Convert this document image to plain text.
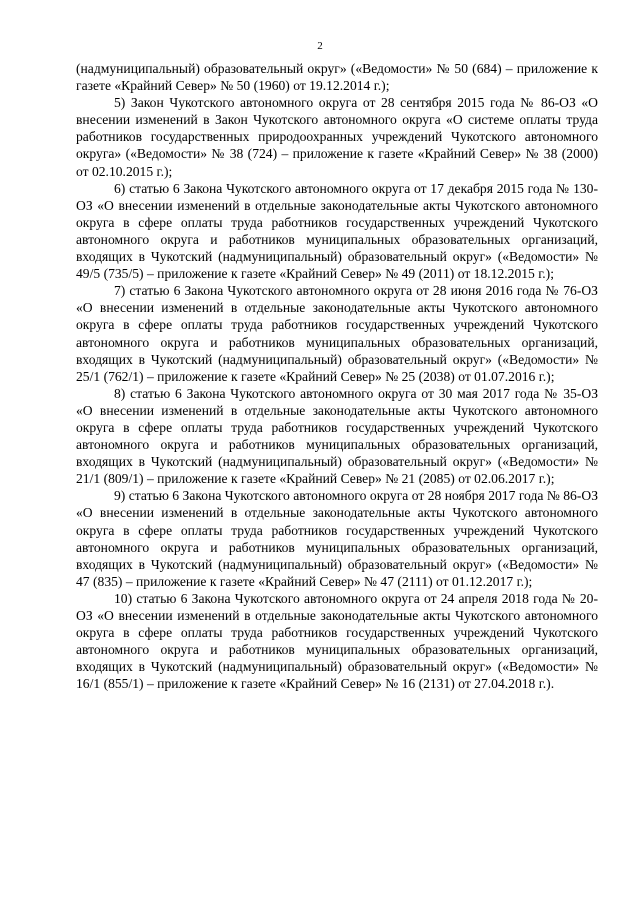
2

(надмуниципальный) образовательный округ» («Ведомости» № 50 (684) – приложение к газете «Крайний Север» № 50 (1960) от 19.12.2014 г.);

5) Закон Чукотского автономного округа от 28 сентября 2015 года № 86-ОЗ «О внесении изменений в Закон Чукотского автономного округа «О системе оплаты труда работников государственных природоохранных учреждений Чукотского автономного округа» («Ведомости» № 38 (724) – приложение к газете «Крайний Север» № 38 (2000) от 02.10.2015 г.);

6) статью 6 Закона Чукотского автономного округа от 17 декабря 2015 года № 130-ОЗ «О внесении изменений в отдельные законодательные акты Чукотского автономного округа в сфере оплаты труда работников государственных учреждений Чукотского автономного округа и работников муниципальных образовательных организаций, входящих в Чукотский (надмуниципальный) образовательный округ» («Ведомости» № 49/5 (735/5) – приложение к газете «Крайний Север» № 49 (2011) от 18.12.2015 г.);

7) статью 6 Закона Чукотского автономного округа от 28 июня 2016 года № 76-ОЗ «О внесении изменений в отдельные законодательные акты Чукотского автономного округа в сфере оплаты труда работников государственных учреждений Чукотского автономного округа и работников муниципальных образовательных организаций, входящих в Чукотский (надмуниципальный) образовательный округ» («Ведомости» № 25/1 (762/1) – приложение к газете «Крайний Север» № 25 (2038) от 01.07.2016 г.);

8) статью 6 Закона Чукотского автономного округа от 30 мая 2017 года № 35-ОЗ «О внесении изменений в отдельные законодательные акты Чукотского автономного округа в сфере оплаты труда работников государственных учреждений Чукотского автономного округа и работников муниципальных образовательных организаций, входящих в Чукотский (надмуниципальный) образовательный округ» («Ведомости» № 21/1 (809/1) – приложение к газете «Крайний Север» № 21 (2085) от 02.06.2017 г.);

9) статью 6 Закона Чукотского автономного округа от 28 ноября 2017 года № 86-ОЗ «О внесении изменений в отдельные законодательные акты Чукотского автономного округа в сфере оплаты труда работников государственных учреждений Чукотского автономного округа и работников муниципальных образовательных организаций, входящих в Чукотский (надмуниципальный) образовательный округ» («Ведомости» № 47 (835) – приложение к газете «Крайний Север» № 47 (2111) от 01.12.2017 г.);

10) статью 6 Закона Чукотского автономного округа от 24 апреля 2018 года № 20-ОЗ «О внесении изменений в отдельные законодательные акты Чукотского автономного округа в сфере оплаты труда работников государственных учреждений Чукотского автономного округа и работников муниципальных образовательных организаций, входящих в Чукотский (надмуниципальный) образовательный округ» («Ведомости» № 16/1 (855/1) – приложение к газете «Крайний Север» № 16 (2131) от 27.04.2018 г.).
